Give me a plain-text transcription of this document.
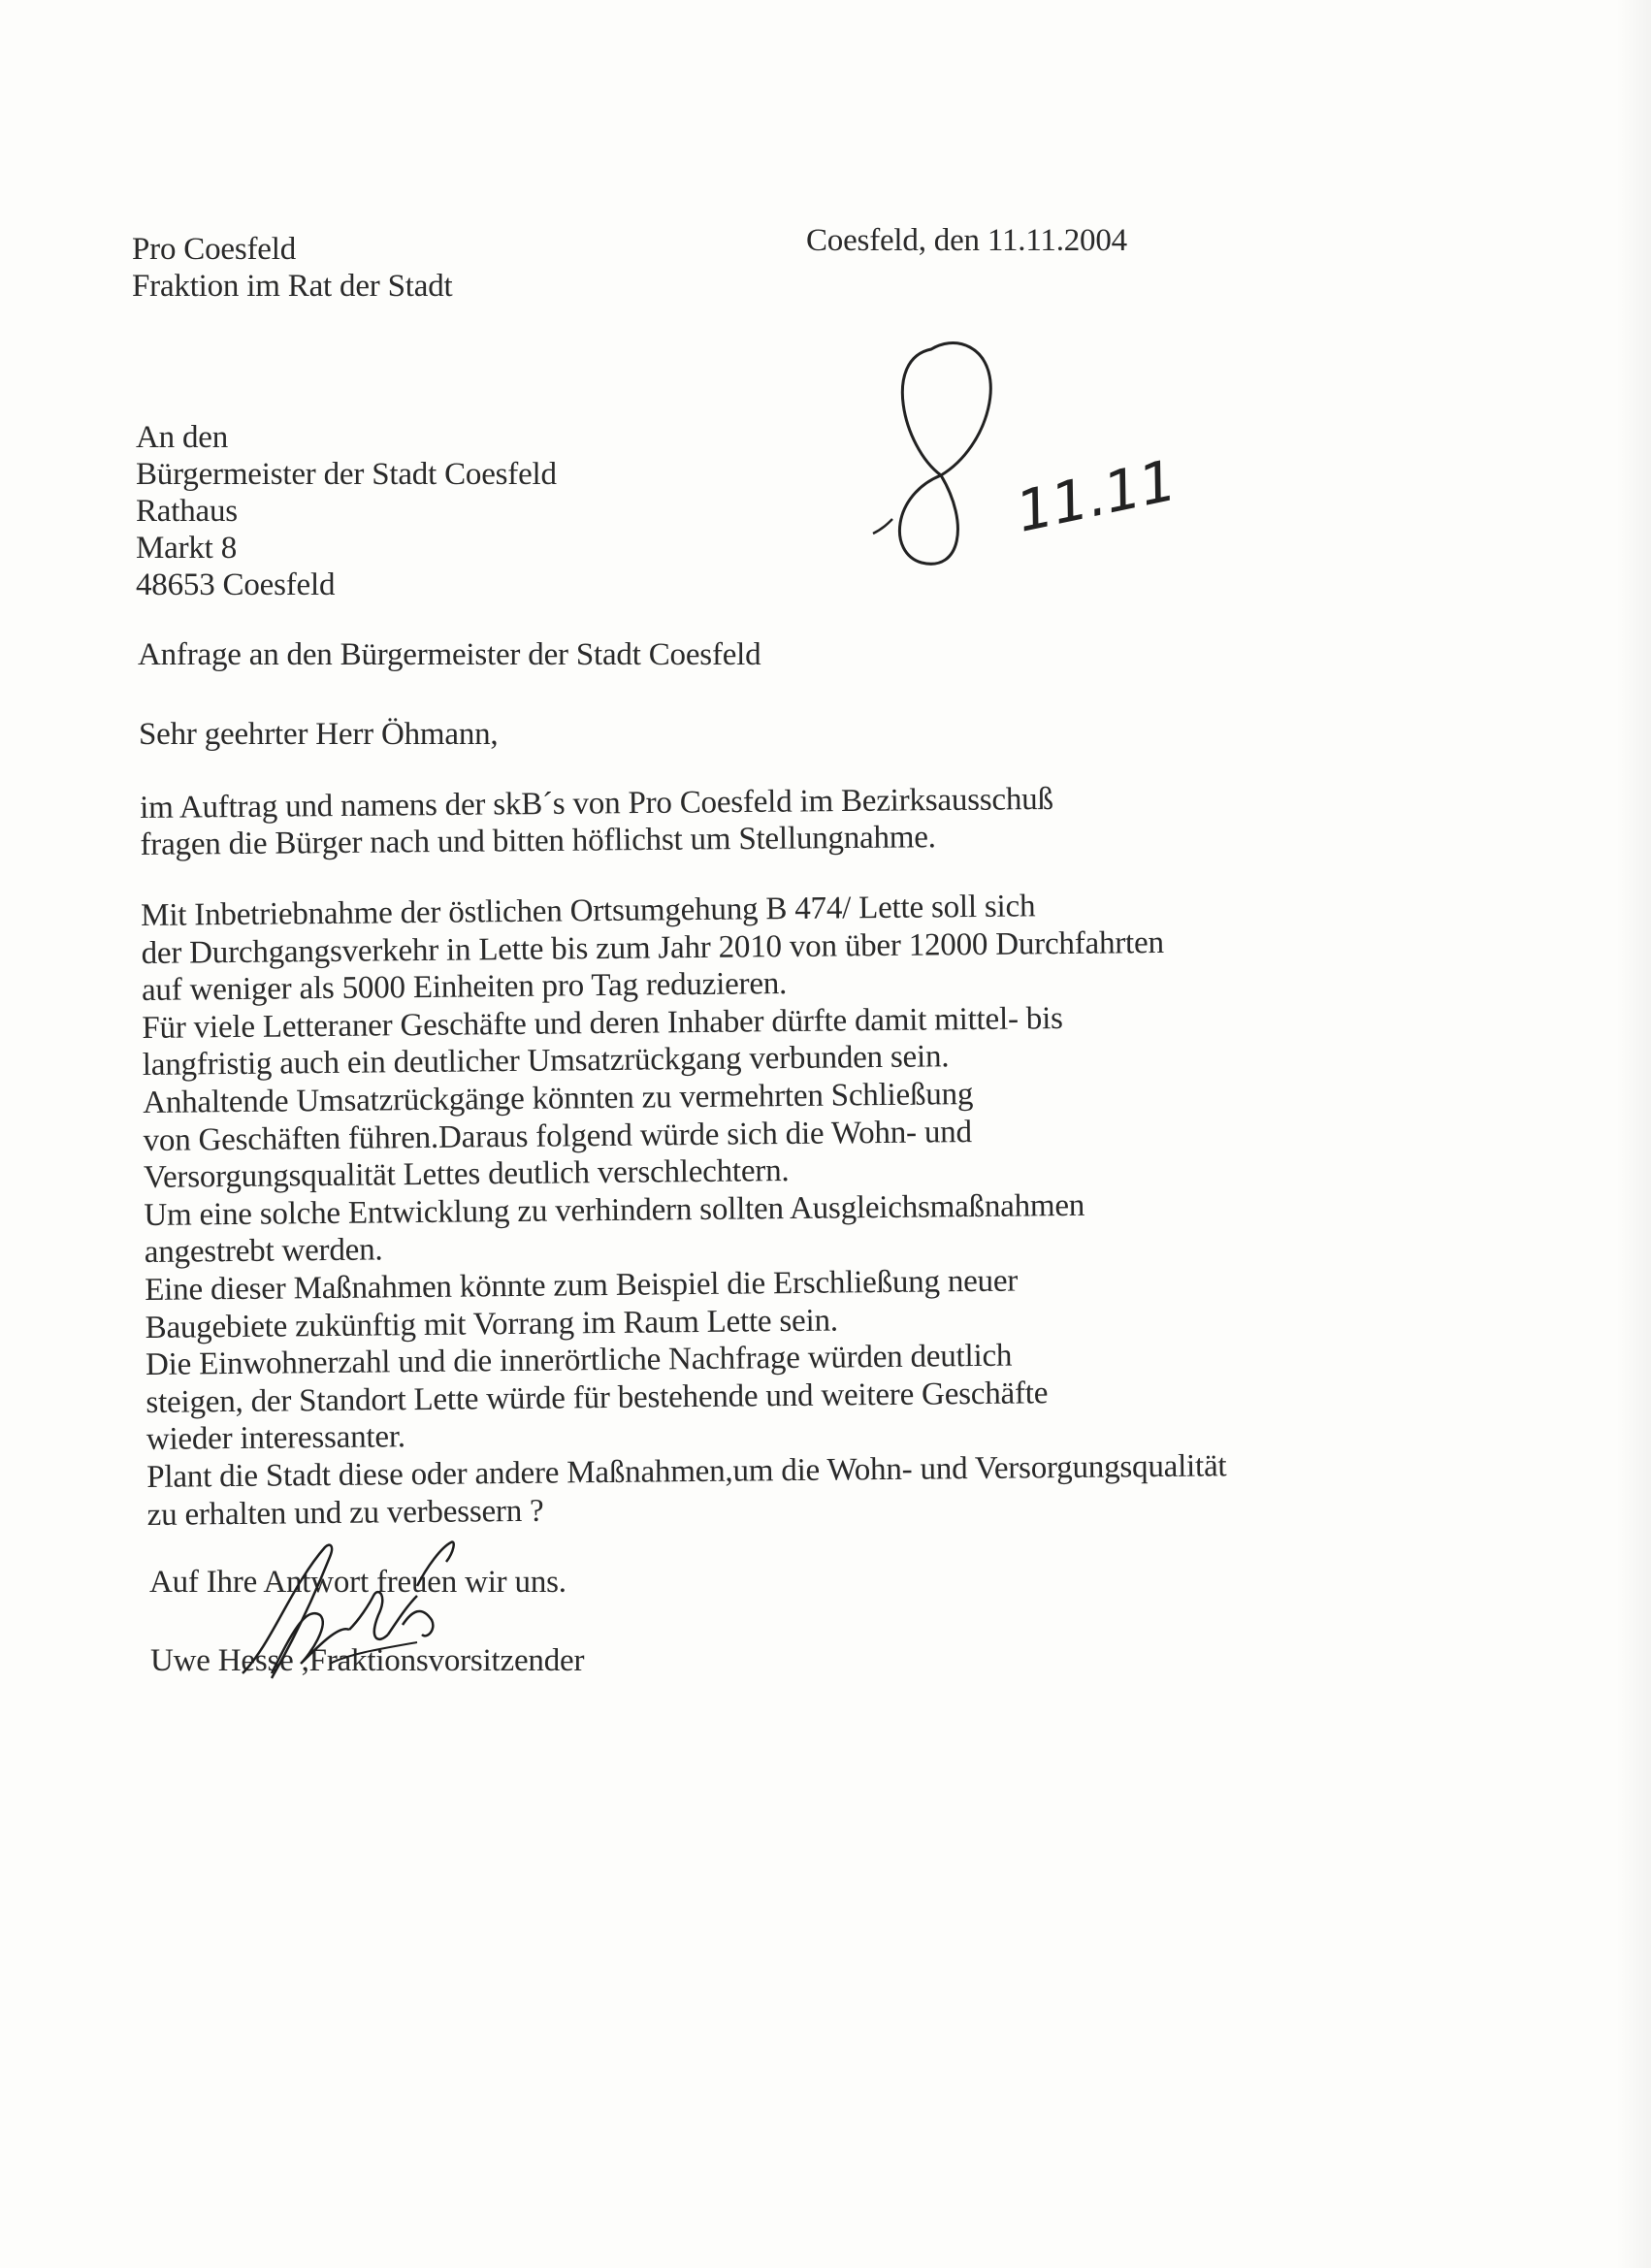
Pro Coesfeld
Fraktion im Rat der Stadt
Coesfeld, den 11.11.2004
An den
Bürgermeister der Stadt Coesfeld
Rathaus
Markt 8
48653 Coesfeld
11.11
Anfrage an den Bürgermeister der Stadt Coesfeld
Sehr geehrter Herr Öhmann,
im Auftrag und namens der skB´s von Pro Coesfeld im Bezirksausschuß
fragen die Bürger nach und bitten höflichst um Stellungnahme.
Mit Inbetriebnahme der östlichen Ortsumgehung B 474/ Lette soll sich
der Durchgangsverkehr in Lette bis zum Jahr 2010 von über 12000 Durchfahrten
auf weniger als 5000 Einheiten pro Tag reduzieren.
Für viele Letteraner Geschäfte und deren Inhaber dürfte damit mittel- bis
langfristig auch ein deutlicher Umsatzrückgang verbunden sein.
Anhaltende Umsatzrückgänge könnten zu vermehrten Schließung
von Geschäften führen.Daraus folgend würde sich die Wohn- und
Versorgungsqualität Lettes deutlich verschlechtern.
Um eine solche Entwicklung zu verhindern sollten Ausgleichsmaßnahmen
angestrebt werden.
Eine dieser Maßnahmen könnte zum Beispiel die Erschließung neuer
Baugebiete zukünftig mit Vorrang im Raum Lette sein.
Die Einwohnerzahl und die innerörtliche Nachfrage würden deutlich
steigen, der Standort Lette würde für bestehende und weitere Geschäfte
wieder interessanter.
Plant die Stadt diese oder andere Maßnahmen,um die Wohn- und Versorgungsqualität
zu erhalten und zu verbessern ?
Auf Ihre Antwort freuen wir uns.
Uwe Hesse ,Fraktionsvorsitzender
